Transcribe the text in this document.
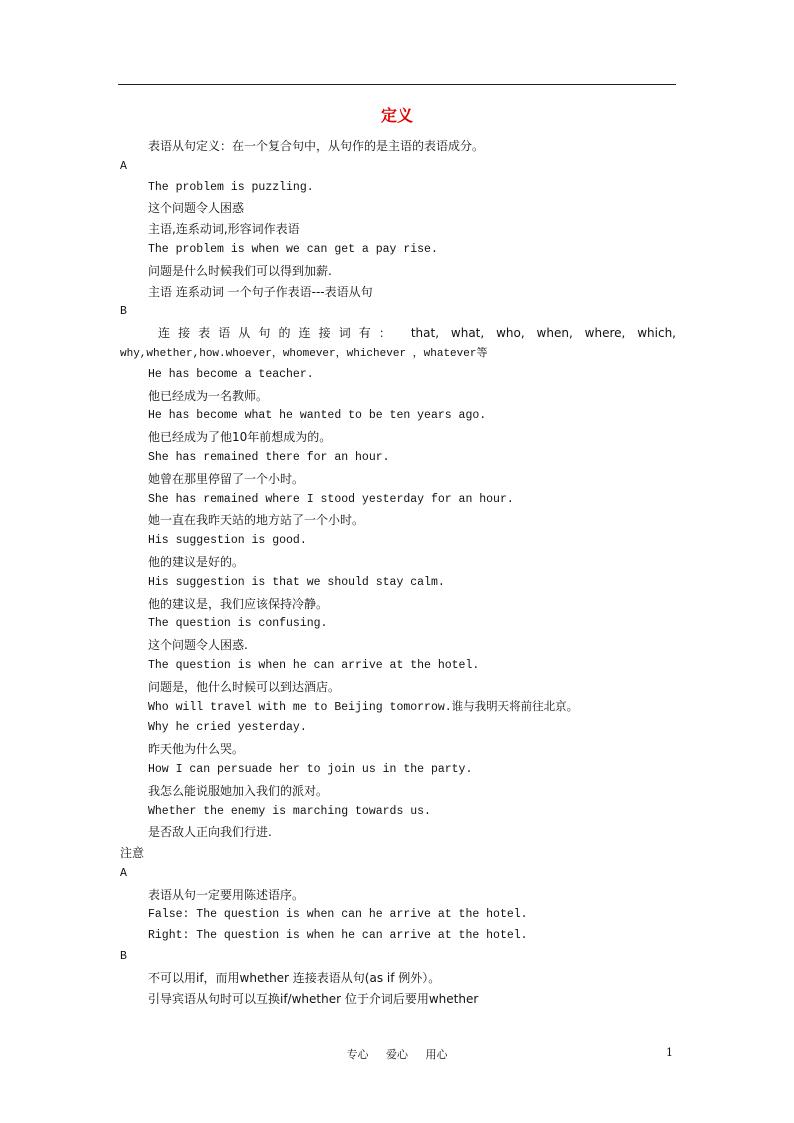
定义
表语从句定义：在一个复合句中，从句作的是主语的表语成分。
A
The problem is puzzling.
这个问题令人困惑
主语,连系动词,形容词作表语
The problem is when we can get a pay rise.
问题是什么时候我们可以得到加薪.
主语 连系动词 一个句子作表语---表语从句
B
连接表语从句的连接词有： that, what, who, when, where, which,
why,whether,how.whoever，whomever，whichever ，whatever等
He has become a teacher.
他已经成为一名教师。
He has become what he wanted to be ten years ago.
他已经成为了他10年前想成为的。
She has remained there for an hour.
她曾在那里停留了一个小时。
She has remained where I stood yesterday for an hour.
她一直在我昨天站的地方站了一个小时。
His suggestion is good.
他的建议是好的。
His suggestion is that we should stay calm.
他的建议是，我们应该保持冷静。
The question is confusing.
这个问题令人困惑.
The question is when he can arrive at the hotel.
问题是，他什么时候可以到达酒店。
Who will travel with me to Beijing tomorrow.谁与我明天将前往北京。
Why he cried yesterday.
昨天他为什么哭。
How I can persuade her to join us in the party.
我怎么能说服她加入我们的派对。
Whether the enemy is marching towards us.
是否敌人正向我们行进.
注意
A
表语从句一定要用陈述语序。
False: The question is when can he arrive at the hotel.
Right: The question is when he can arrive at the hotel.
B
不可以用if，而用whether 连接表语从句(as if 例外）。
引导宾语从句时可以互换if/whether 位于介词后要用whether
专心 爱心 用心	1
